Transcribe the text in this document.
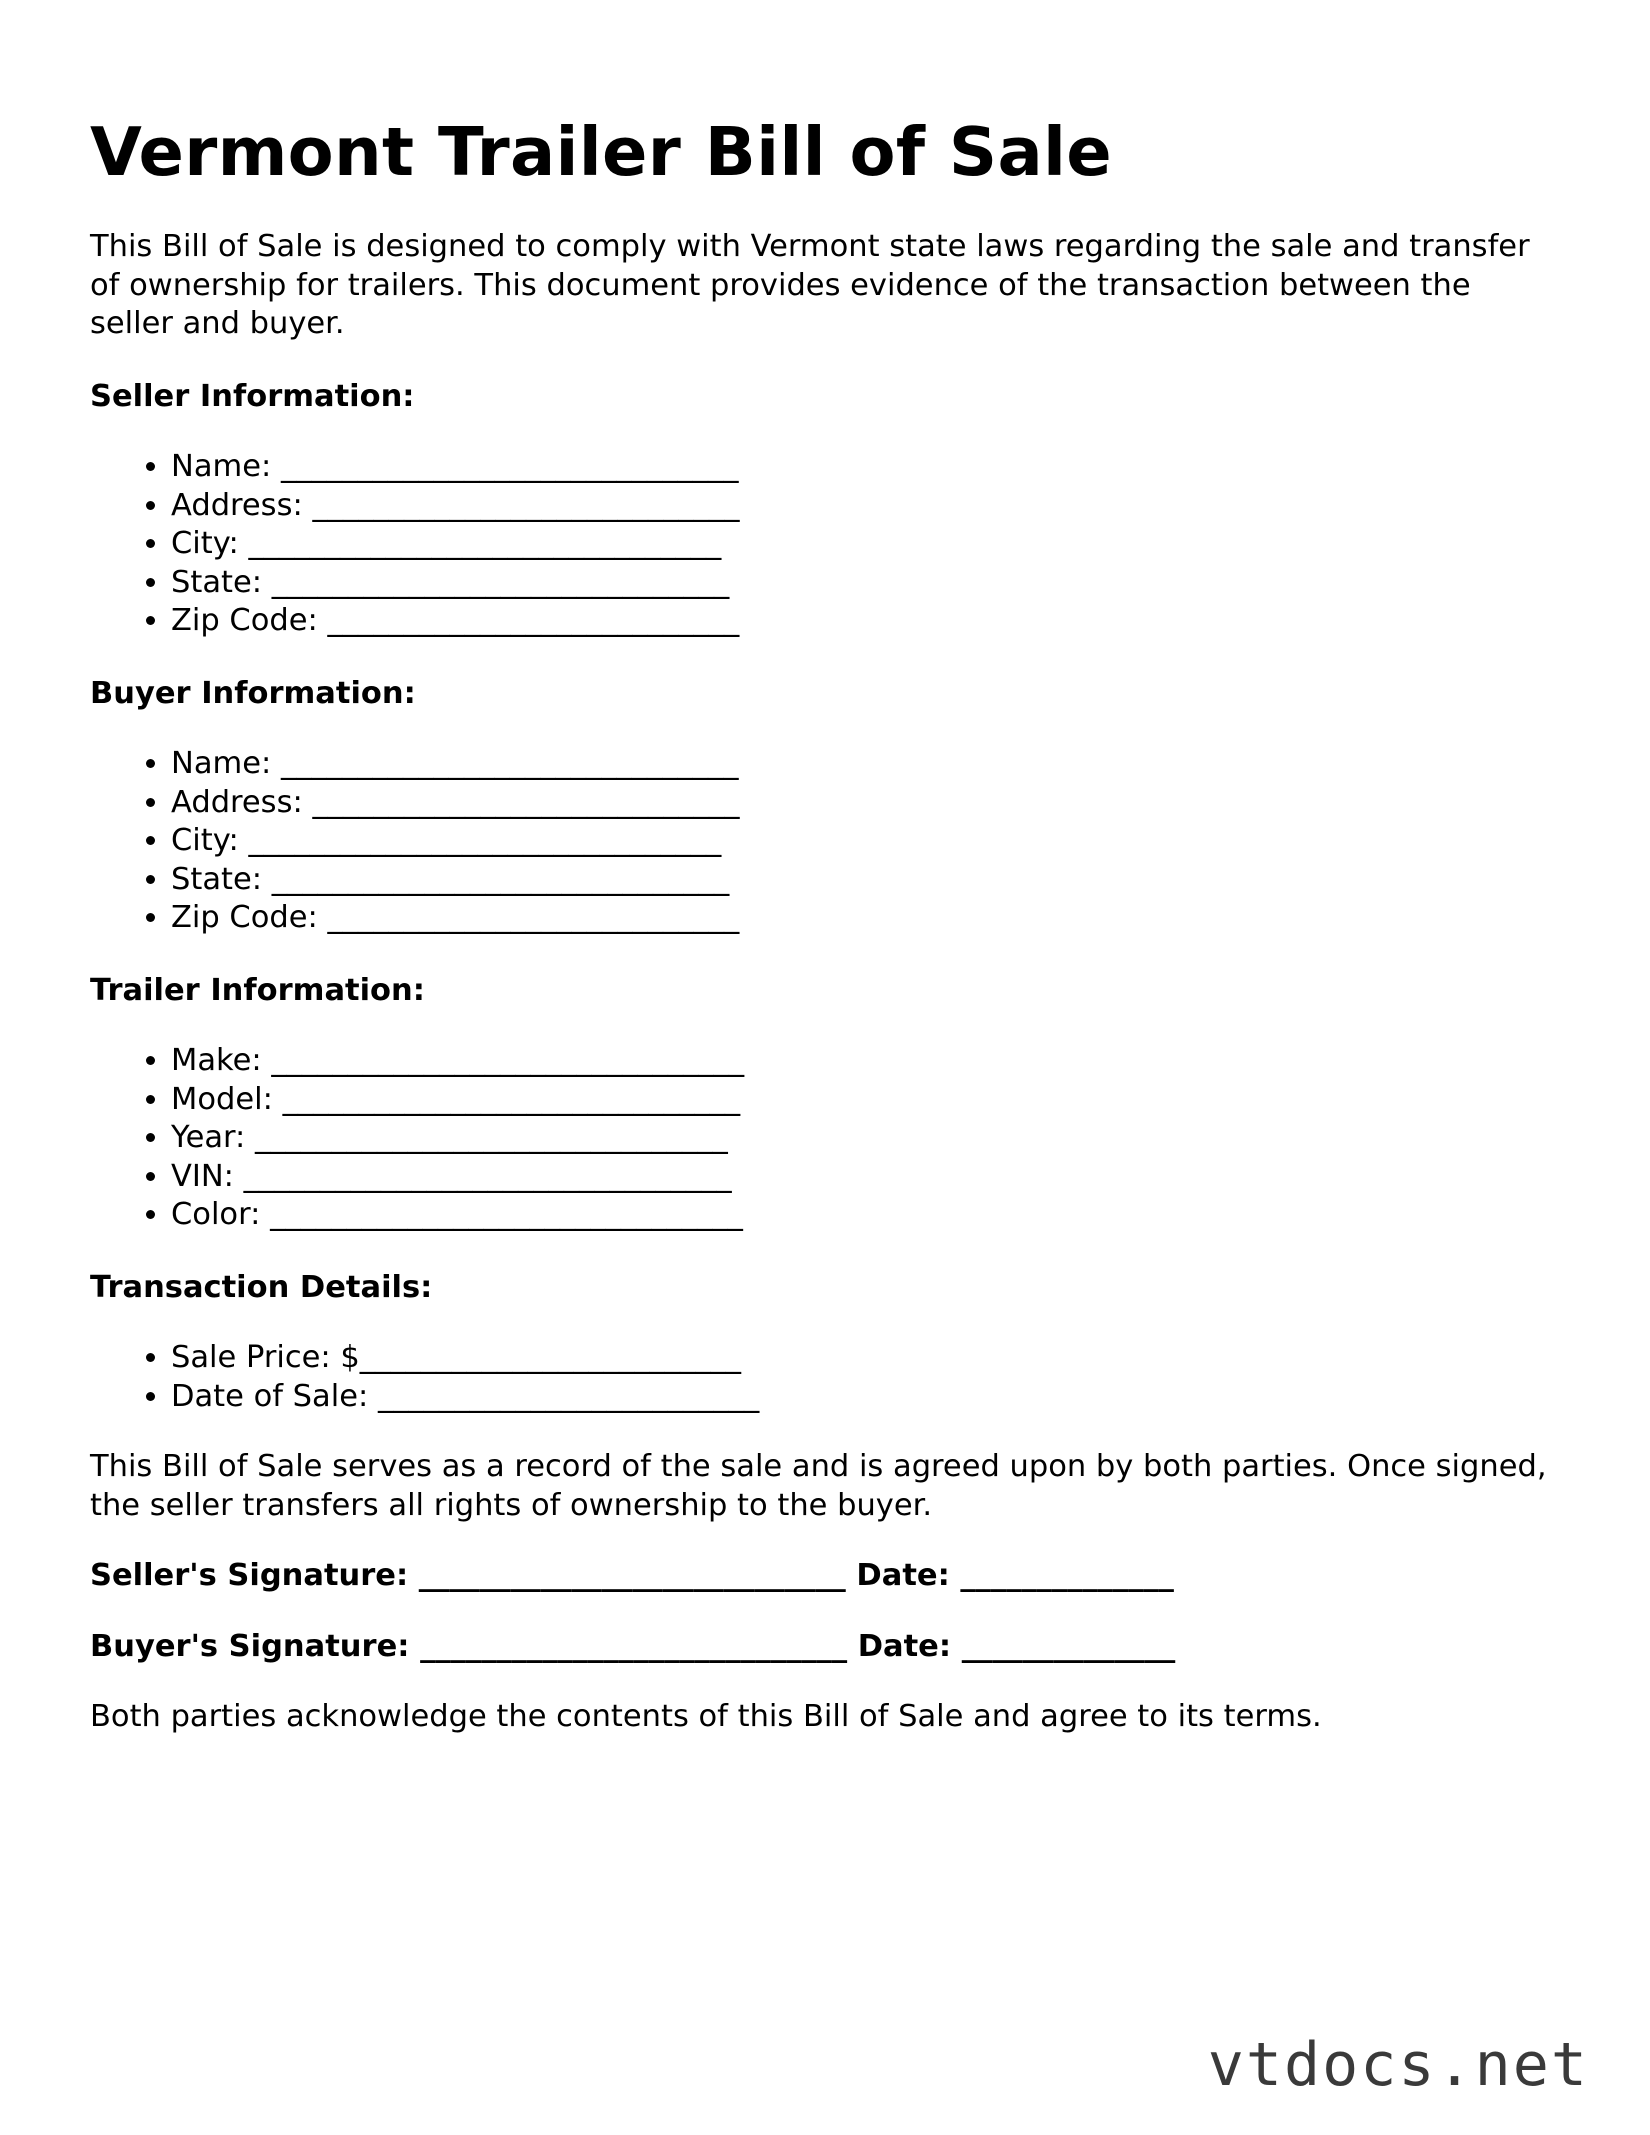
Vermont Trailer Bill of Sale

This Bill of Sale is designed to comply with Vermont state laws regarding the sale and transfer of ownership for trailers. This document provides evidence of the transaction between the seller and buyer.

Seller Information:
• Name: ______________________________
• Address: ____________________________
• City: _______________________________
• State: ______________________________
• Zip Code: ___________________________
Buyer Information:
• Name: ______________________________
• Address: ____________________________
• City: _______________________________
• State: ______________________________
• Zip Code: ___________________________
Trailer Information:
• Make: _______________________________
• Model: ______________________________
• Year: _______________________________
• VIN: ________________________________
• Color: _______________________________
Transaction Details:
• Sale Price: $_________________________
• Date of Sale: _________________________

This Bill of Sale serves as a record of the sale and is agreed upon by both parties. Once signed, the seller transfers all rights of ownership to the buyer.

Seller's Signature: ____________________________ Date: ______________
Buyer's Signature: ____________________________ Date: ______________

Both parties acknowledge the contents of this Bill of Sale and agree to its terms.

vtdocs.net
